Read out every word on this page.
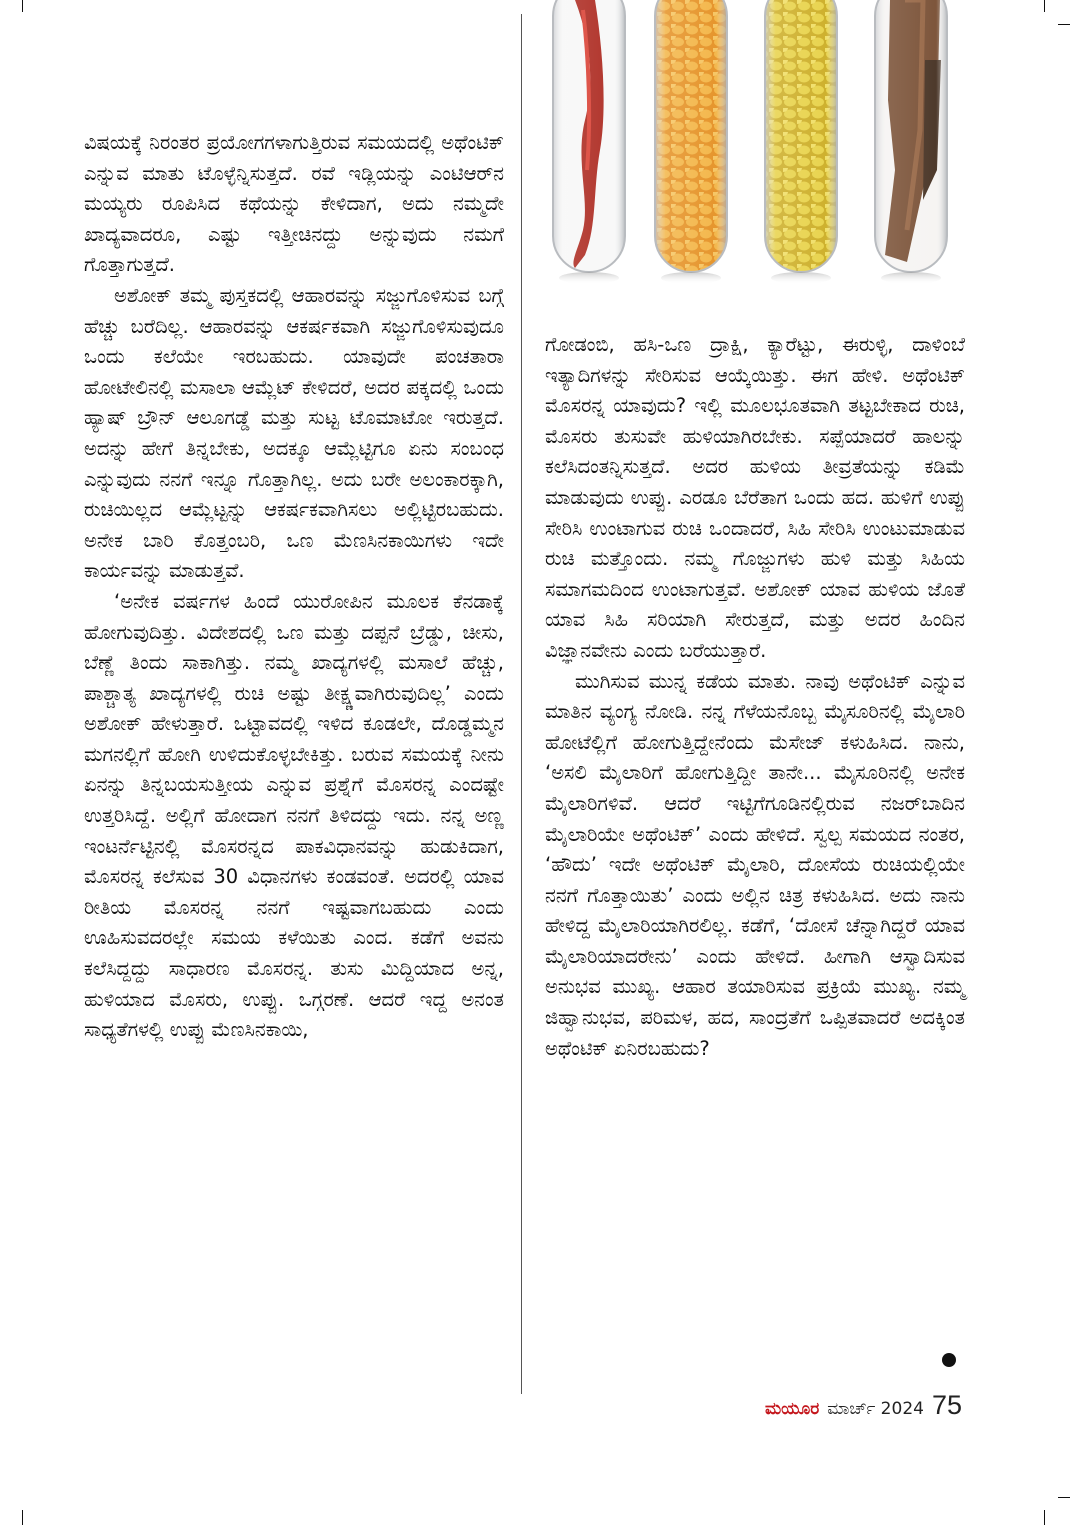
ವಿಷಯಕ್ಕೆ ನಿರಂತರ ಪ್ರಯೋಗಗಳಾಗುತ್ತಿರುವ ಸಮಯದಲ್ಲಿ ಅಥೆಂಟಿಕ್ ಎನ್ನುವ ಮಾತು ಟೊಳ್ಳೆನ್ನಿಸುತ್ತದೆ. ರವೆ ಇಡ್ಲಿಯನ್ನು ಎಂಟಿಆರ್‌ನ ಮಯ್ಯರು ರೂಪಿಸಿದ ಕಥೆಯನ್ನು ಕೇಳಿದಾಗ, ಅದು ನಮ್ಮದೇ ಖಾದ್ಯವಾದರೂ, ಎಷ್ಟು ಇತ್ತೀಚಿನದ್ದು ಅನ್ನುವುದು ನಮಗೆ ಗೊತ್ತಾಗುತ್ತದೆ.

ಅಶೋಕ್ ತಮ್ಮ ಪುಸ್ತಕದಲ್ಲಿ ಆಹಾರವನ್ನು ಸಜ್ಜುಗೊಳಿಸುವ ಬಗ್ಗೆ ಹೆಚ್ಚು ಬರೆದಿಲ್ಲ. ಆಹಾರವನ್ನು ಆಕರ್ಷಕವಾಗಿ ಸಜ್ಜುಗೊಳಿಸುವುದೂ ಒಂದು ಕಲೆಯೇ ಇರಬಹುದು. ಯಾವುದೇ ಪಂಚತಾರಾ ಹೋಟೇಲಿನಲ್ಲಿ ಮಸಾಲಾ ಆಮ್ಲೆಟ್ ಕೇಳಿದರೆ, ಅದರ ಪಕ್ಕದಲ್ಲಿ ಒಂದು ಹ್ಯಾಷ್ ಬ್ರೌನ್ ಆಲೂಗಡ್ಡೆ ಮತ್ತು ಸುಟ್ಟ ಟೊಮಾಟೋ ಇರುತ್ತದೆ. ಅದನ್ನು ಹೇಗೆ ತಿನ್ನಬೇಕು, ಅದಕ್ಕೂ ಆಮ್ಲೆಟ್ಟಿಗೂ ಏನು ಸಂಬಂಧ ಎನ್ನುವುದು ನನಗೆ ಇನ್ನೂ ಗೊತ್ತಾಗಿಲ್ಲ. ಅದು ಬರೇ ಅಲಂಕಾರಕ್ಕಾಗಿ, ರುಚಿಯಿಲ್ಲದ ಆಮ್ಲೆಟ್ಟನ್ನು ಆಕರ್ಷಕವಾಗಿಸಲು ಅಲ್ಲಿಟ್ಟಿರಬಹುದು. ಅನೇಕ ಬಾರಿ ಕೊತ್ತಂಬರಿ, ಒಣ ಮೆಣಸಿನಕಾಯಿಗಳು ಇದೇ ಕಾರ್ಯವನ್ನು ಮಾಡುತ್ತವೆ.

‘ಅನೇಕ ವರ್ಷಗಳ ಹಿಂದೆ ಯುರೋಪಿನ ಮೂಲಕ ಕೆನಡಾಕ್ಕೆ ಹೋಗುವುದಿತ್ತು. ವಿದೇಶದಲ್ಲಿ ಒಣ ಮತ್ತು ದಪ್ಪನೆ ಬ್ರೆಡ್ಡು, ಚೀಸು, ಬೆಣ್ಣೆ ತಿಂದು ಸಾಕಾಗಿತ್ತು. ನಮ್ಮ ಖಾದ್ಯಗಳಲ್ಲಿ ಮಸಾಲೆ ಹೆಚ್ಚು, ಪಾಶ್ಚಾತ್ಯ ಖಾದ್ಯಗಳಲ್ಲಿ ರುಚಿ ಅಷ್ಟು ತೀಕ್ಷ್ಣವಾಗಿರುವುದಿಲ್ಲ’ ಎಂದು ಅಶೋಕ್ ಹೇಳುತ್ತಾರೆ. ಒಟ್ಟಾವದಲ್ಲಿ ಇಳಿದ ಕೂಡಲೇ, ದೊಡ್ಡಮ್ಮನ ಮಗನಲ್ಲಿಗೆ ಹೋಗಿ ಉಳಿದುಕೊಳ್ಳಬೇಕಿತ್ತು. ಬರುವ ಸಮಯಕ್ಕೆ ನೀನು ಏನನ್ನು ತಿನ್ನಬಯಸುತ್ತೀಯ ಎನ್ನುವ ಪ್ರಶ್ನೆಗೆ ಮೊಸರನ್ನ ಎಂದಷ್ಟೇ ಉತ್ತರಿಸಿದ್ದೆ. ಅಲ್ಲಿಗೆ ಹೋದಾಗ ನನಗೆ ತಿಳಿದದ್ದು ಇದು. ನನ್ನ ಅಣ್ಣ ಇಂಟರ್ನೆಟ್ಟಿನಲ್ಲಿ ಮೊಸರನ್ನದ ಪಾಕವಿಧಾನವನ್ನು ಹುಡುಕಿದಾಗ, ಮೊಸರನ್ನ ಕಲೆಸುವ 30 ವಿಧಾನಗಳು ಕಂಡವಂತೆ. ಅದರಲ್ಲಿ ಯಾವ ರೀತಿಯ ಮೊಸರನ್ನ ನನಗೆ ಇಷ್ಟವಾಗಬಹುದು ಎಂದು ಊಹಿಸುವದರಲ್ಲೇ ಸಮಯ ಕಳೆಯಿತು ಎಂದ. ಕಡೆಗೆ ಅವನು ಕಲೆಸಿದ್ದದ್ದು ಸಾಧಾರಣ ಮೊಸರನ್ನ. ತುಸು ಮಿದ್ದಿಯಾದ ಅನ್ನ, ಹುಳಿಯಾದ ಮೊಸರು, ಉಪ್ಪು. ಒಗ್ಗರಣೆ. ಆದರೆ ಇದ್ದ ಅನಂತ ಸಾಧ್ಯತೆಗಳಲ್ಲಿ ಉಪ್ಪು ಮೆಣಸಿನಕಾಯಿ,

ಗೋಡಂಬಿ, ಹಸಿ-ಒಣ ದ್ರಾಕ್ಷಿ, ಕ್ಯಾರೆಟ್ಟು, ಈರುಳ್ಳಿ, ದಾಳಿಂಬೆ ಇತ್ಯಾದಿಗಳನ್ನು ಸೇರಿಸುವ ಆಯ್ಕೆಯಿತ್ತು. ಈಗ ಹೇಳಿ. ಅಥೆಂಟಿಕ್ ಮೊಸರನ್ನ ಯಾವುದು? ಇಲ್ಲಿ ಮೂಲಭೂತವಾಗಿ ತಟ್ಟಬೇಕಾದ ರುಚಿ, ಮೊಸರು ತುಸುವೇ ಹುಳಿಯಾಗಿರಬೇಕು. ಸಪ್ಪೆಯಾದರೆ ಹಾಲನ್ನು ಕಲೆಸಿದಂತನ್ನಿಸುತ್ತದೆ. ಅದರ ಹುಳಿಯ ತೀವ್ರತೆಯನ್ನು ಕಡಿಮೆ ಮಾಡುವುದು ಉಪ್ಪು. ಎರಡೂ ಬೆರೆತಾಗ ಒಂದು ಹದ. ಹುಳಿಗೆ ಉಪ್ಪು ಸೇರಿಸಿ ಉಂಟಾಗುವ ರುಚಿ ಒಂದಾದರೆ, ಸಿಹಿ ಸೇರಿಸಿ ಉಂಟುಮಾಡುವ ರುಚಿ ಮತ್ತೊಂದು. ನಮ್ಮ ಗೊಜ್ಜುಗಳು ಹುಳಿ ಮತ್ತು ಸಿಹಿಯ ಸಮಾಗಮದಿಂದ ಉಂಟಾಗುತ್ತವೆ. ಅಶೋಕ್ ಯಾವ ಹುಳಿಯ ಜೊತೆ ಯಾವ ಸಿಹಿ ಸರಿಯಾಗಿ ಸೇರುತ್ತದೆ, ಮತ್ತು ಅದರ ಹಿಂದಿನ ವಿಜ್ಞಾನವೇನು ಎಂದು ಬರೆಯುತ್ತಾರೆ.

ಮುಗಿಸುವ ಮುನ್ನ ಕಡೆಯ ಮಾತು. ನಾವು ಅಥೆಂಟಿಕ್ ಎನ್ನುವ ಮಾತಿನ ವ್ಯಂಗ್ಯ ನೋಡಿ. ನನ್ನ ಗೆಳೆಯನೊಬ್ಬ ಮೈಸೂರಿನಲ್ಲಿ ಮೈಲಾರಿ ಹೋಟೆಲ್ಲಿಗೆ ಹೋಗುತ್ತಿದ್ದೇನೆಂದು ಮೆಸೇಜ್ ಕಳುಹಿಸಿದ. ನಾನು, ‘ಅಸಲಿ ಮೈಲಾರಿಗೆ ಹೋಗುತ್ತಿದ್ದೀ ತಾನೇ... ಮೈಸೂರಿನಲ್ಲಿ ಅನೇಕ ಮೈಲಾರಿಗಳಿವೆ. ಆದರೆ ಇಟ್ಟಿಗೆಗೂಡಿನಲ್ಲಿರುವ ನಜರ್‌ಬಾದಿನ ಮೈಲಾರಿಯೇ ಅಥೆಂಟಿಕ್’ ಎಂದು ಹೇಳಿದೆ. ಸ್ವಲ್ಪ ಸಮಯದ ನಂತರ, ‘ಹೌದು’ ಇದೇ ಅಥೆಂಟಿಕ್ ಮೈಲಾರಿ, ದೋಸೆಯ ರುಚಿಯಲ್ಲಿಯೇ ನನಗೆ ಗೊತ್ತಾಯಿತು’ ಎಂದು ಅಲ್ಲಿನ ಚಿತ್ರ ಕಳುಹಿಸಿದ. ಅದು ನಾನು ಹೇಳಿದ್ದ ಮೈಲಾರಿಯಾಗಿರಲಿಲ್ಲ. ಕಡೆಗೆ, ‘ದೋಸೆ ಚೆನ್ನಾಗಿದ್ದರೆ ಯಾವ ಮೈಲಾರಿಯಾದರೇನು’ ಎಂದು ಹೇಳಿದೆ. ಹೀಗಾಗಿ ಆಸ್ವಾದಿಸುವ ಅನುಭವ ಮುಖ್ಯ. ಆಹಾರ ತಯಾರಿಸುವ ಪ್ರಕ್ರಿಯೆ ಮುಖ್ಯ. ನಮ್ಮ ಜಿಹ್ವಾನುಭವ, ಪರಿಮಳ, ಹದ, ಸಾಂದ್ರತೆಗೆ ಒಪ್ಪಿತವಾದರೆ ಅದಕ್ಕಿಂತ ಅಥೆಂಟಿಕ್ ಏನಿರಬಹುದು?

ಮಯೂರ ಮಾರ್ಚ್ 2024 75
